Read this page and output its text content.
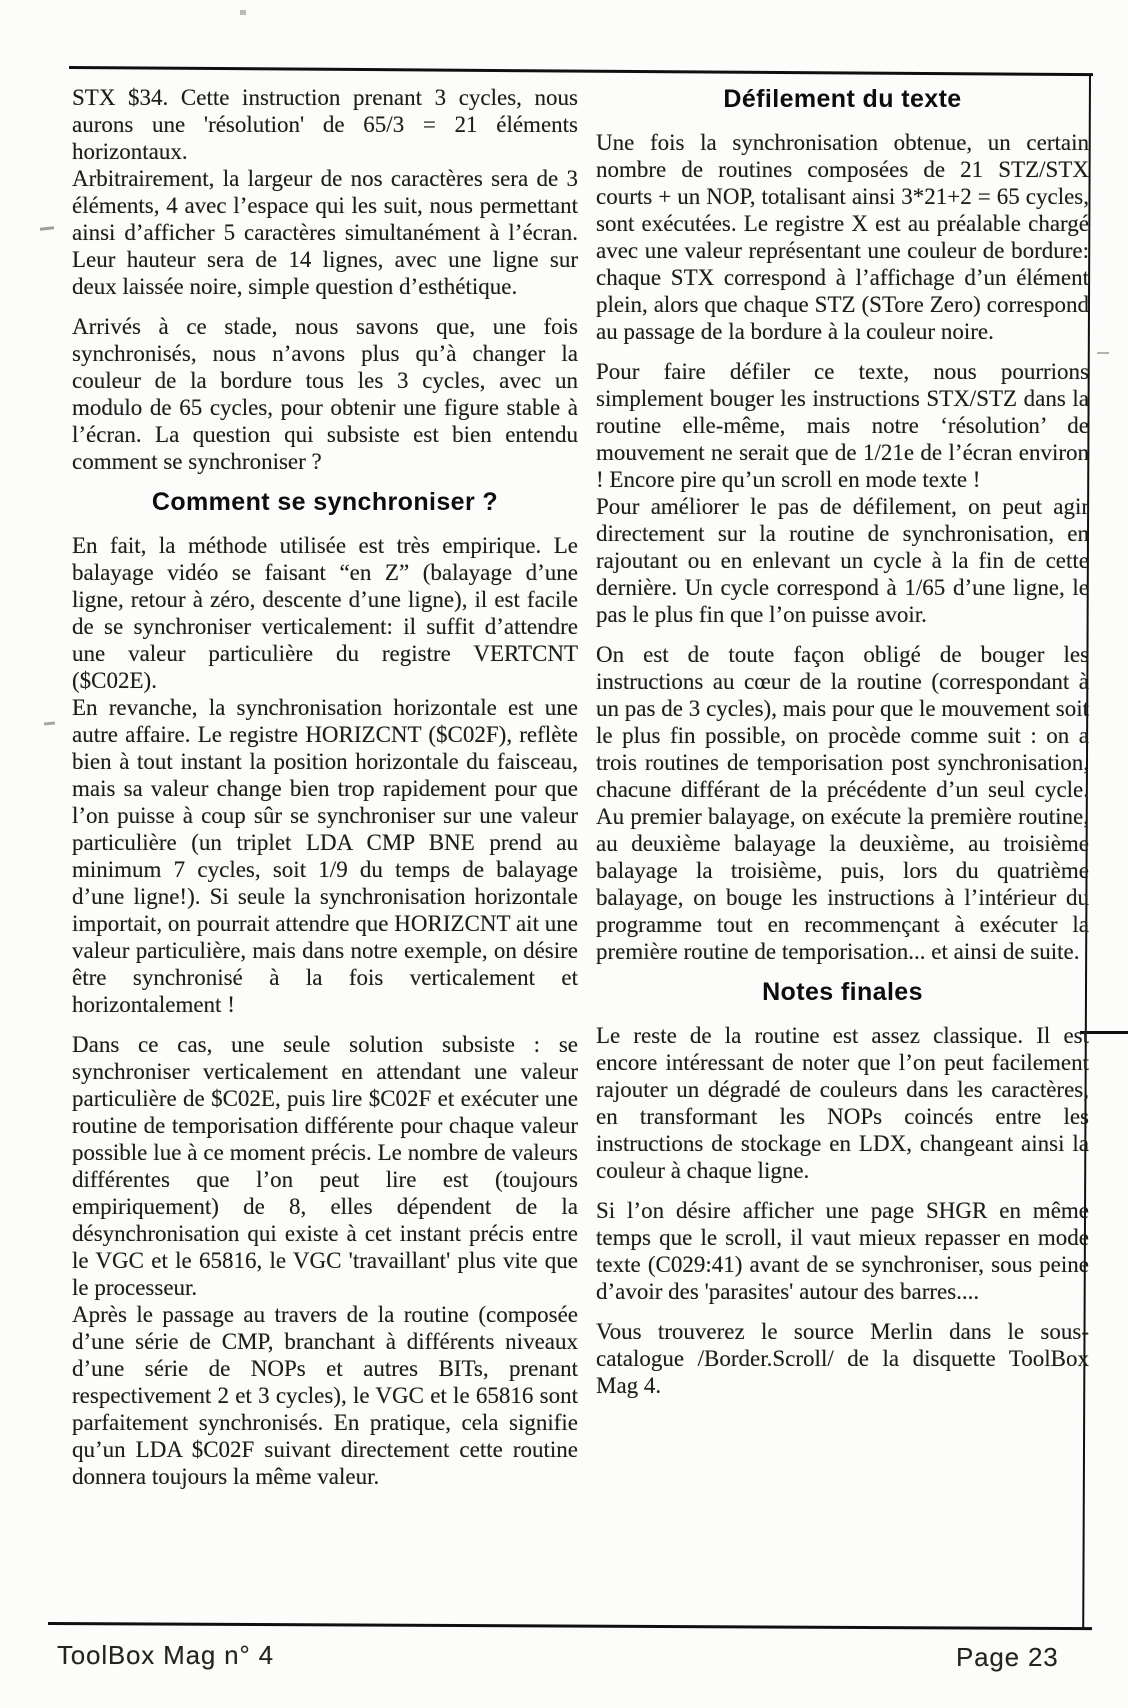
STX $34. Cette instruction prenant 3 cycles, nous aurons une 'résolution' de 65/3 = 21 éléments horizontaux.

Arbitrairement, la largeur de nos caractères sera de 3 éléments, 4 avec l’espace qui les suit, nous permettant ainsi d’afficher 5 caractères simultanément à l’écran. Leur hauteur sera de 14 lignes, avec une ligne sur deux laissée noire, simple question d’esthétique.

Arrivés à ce stade, nous savons que, une fois synchronisés, nous n’avons plus qu’à changer la couleur de la bordure tous les 3 cycles, avec un modulo de 65 cycles, pour obtenir une figure stable à l’écran. La question qui subsiste est bien entendu comment se synchroniser ?

Comment se synchroniser ?

En fait, la méthode utilisée est très empirique. Le balayage vidéo se faisant “en Z” (balayage d’une ligne, retour à zéro, descente d’une ligne), il est facile de se synchroniser verticalement: il suffit d’attendre une valeur particulière du registre VERTCNT ($C02E).

En revanche, la synchronisation horizontale est une autre affaire. Le registre HORIZCNT ($C02F), reflète bien à tout instant la position horizontale du faisceau, mais sa valeur change bien trop rapidement pour que l’on puisse à coup sûr se synchroniser sur une valeur particulière (un triplet LDA CMP BNE prend au minimum 7 cycles, soit 1/9 du temps de balayage d’une ligne!). Si seule la synchronisation horizontale importait, on pourrait attendre que HORIZCNT ait une valeur particulière, mais dans notre exemple, on désire être synchronisé à la fois verticalement et horizontalement !

Dans ce cas, une seule solution subsiste : se synchroniser verticalement en attendant une valeur particulière de $C02E, puis lire $C02F et exécuter une routine de temporisation différente pour chaque valeur possible lue à ce moment précis. Le nombre de valeurs différentes que l’on peut lire est (toujours empiriquement) de 8, elles dépendent de la désynchronisation qui existe à cet instant précis entre le VGC et le 65816, le VGC 'travaillant' plus vite que le processeur.

Après le passage au travers de la routine (composée d’une série de CMP, branchant à différents niveaux d’une série de NOPs et autres BITs, prenant respectivement 2 et 3 cycles), le VGC et le 65816 sont parfaitement synchronisés. En pratique, cela signifie qu’un LDA $C02F suivant directement cette routine donnera toujours la même valeur.

Défilement du texte

Une fois la synchronisation obtenue, un certain nombre de routines composées de 21 STZ/STX courts + un NOP, totalisant ainsi 3*21+2 = 65 cycles, sont exécutées. Le registre X est au préalable chargé avec une valeur représentant une couleur de bordure: chaque STX correspond à l’affichage d’un élément plein, alors que chaque STZ (STore Zero) correspond au passage de la bordure à la couleur noire.

Pour faire défiler ce texte, nous pourrions simplement bouger les instructions STX/STZ dans la routine elle-même, mais notre ‘résolution’ de mouvement ne serait que de 1/21e de l’écran environ ! Encore pire qu’un scroll en mode texte !

Pour améliorer le pas de défilement, on peut agir directement sur la routine de synchronisation, en rajoutant ou en enlevant un cycle à la fin de cette dernière. Un cycle correspond à 1/65 d’une ligne, le pas le plus fin que l’on puisse avoir.

On est de toute façon obligé de bouger les instructions au cœur de la routine (correspondant à un pas de 3 cycles), mais pour que le mouvement soit le plus fin possible, on procède comme suit : on a trois routines de temporisation post synchronisation, chacune différant de la précédente d’un seul cycle. Au premier balayage, on exécute la première routine, au deuxième balayage la deuxième, au troisième balayage la troisième, puis, lors du quatrième balayage, on bouge les instructions à l’intérieur du programme tout en recommençant à exécuter la première routine de temporisation... et ainsi de suite.

Notes finales

Le reste de la routine est assez classique. Il est encore intéressant de noter que l’on peut facilement rajouter un dégradé de couleurs dans les caractères, en transformant les NOPs coincés entre les instructions de stockage en LDX, changeant ainsi la couleur à chaque ligne.

Si l’on désire afficher une page SHGR en même temps que le scroll, il vaut mieux repasser en mode texte (C029:41) avant de se synchroniser, sous peine d’avoir des 'parasites' autour des barres....

Vous trouverez le source Merlin dans le sous-catalogue /Border.Scroll/ de la disquette ToolBox Mag 4.

ToolBox Mag n° 4	Page 23
